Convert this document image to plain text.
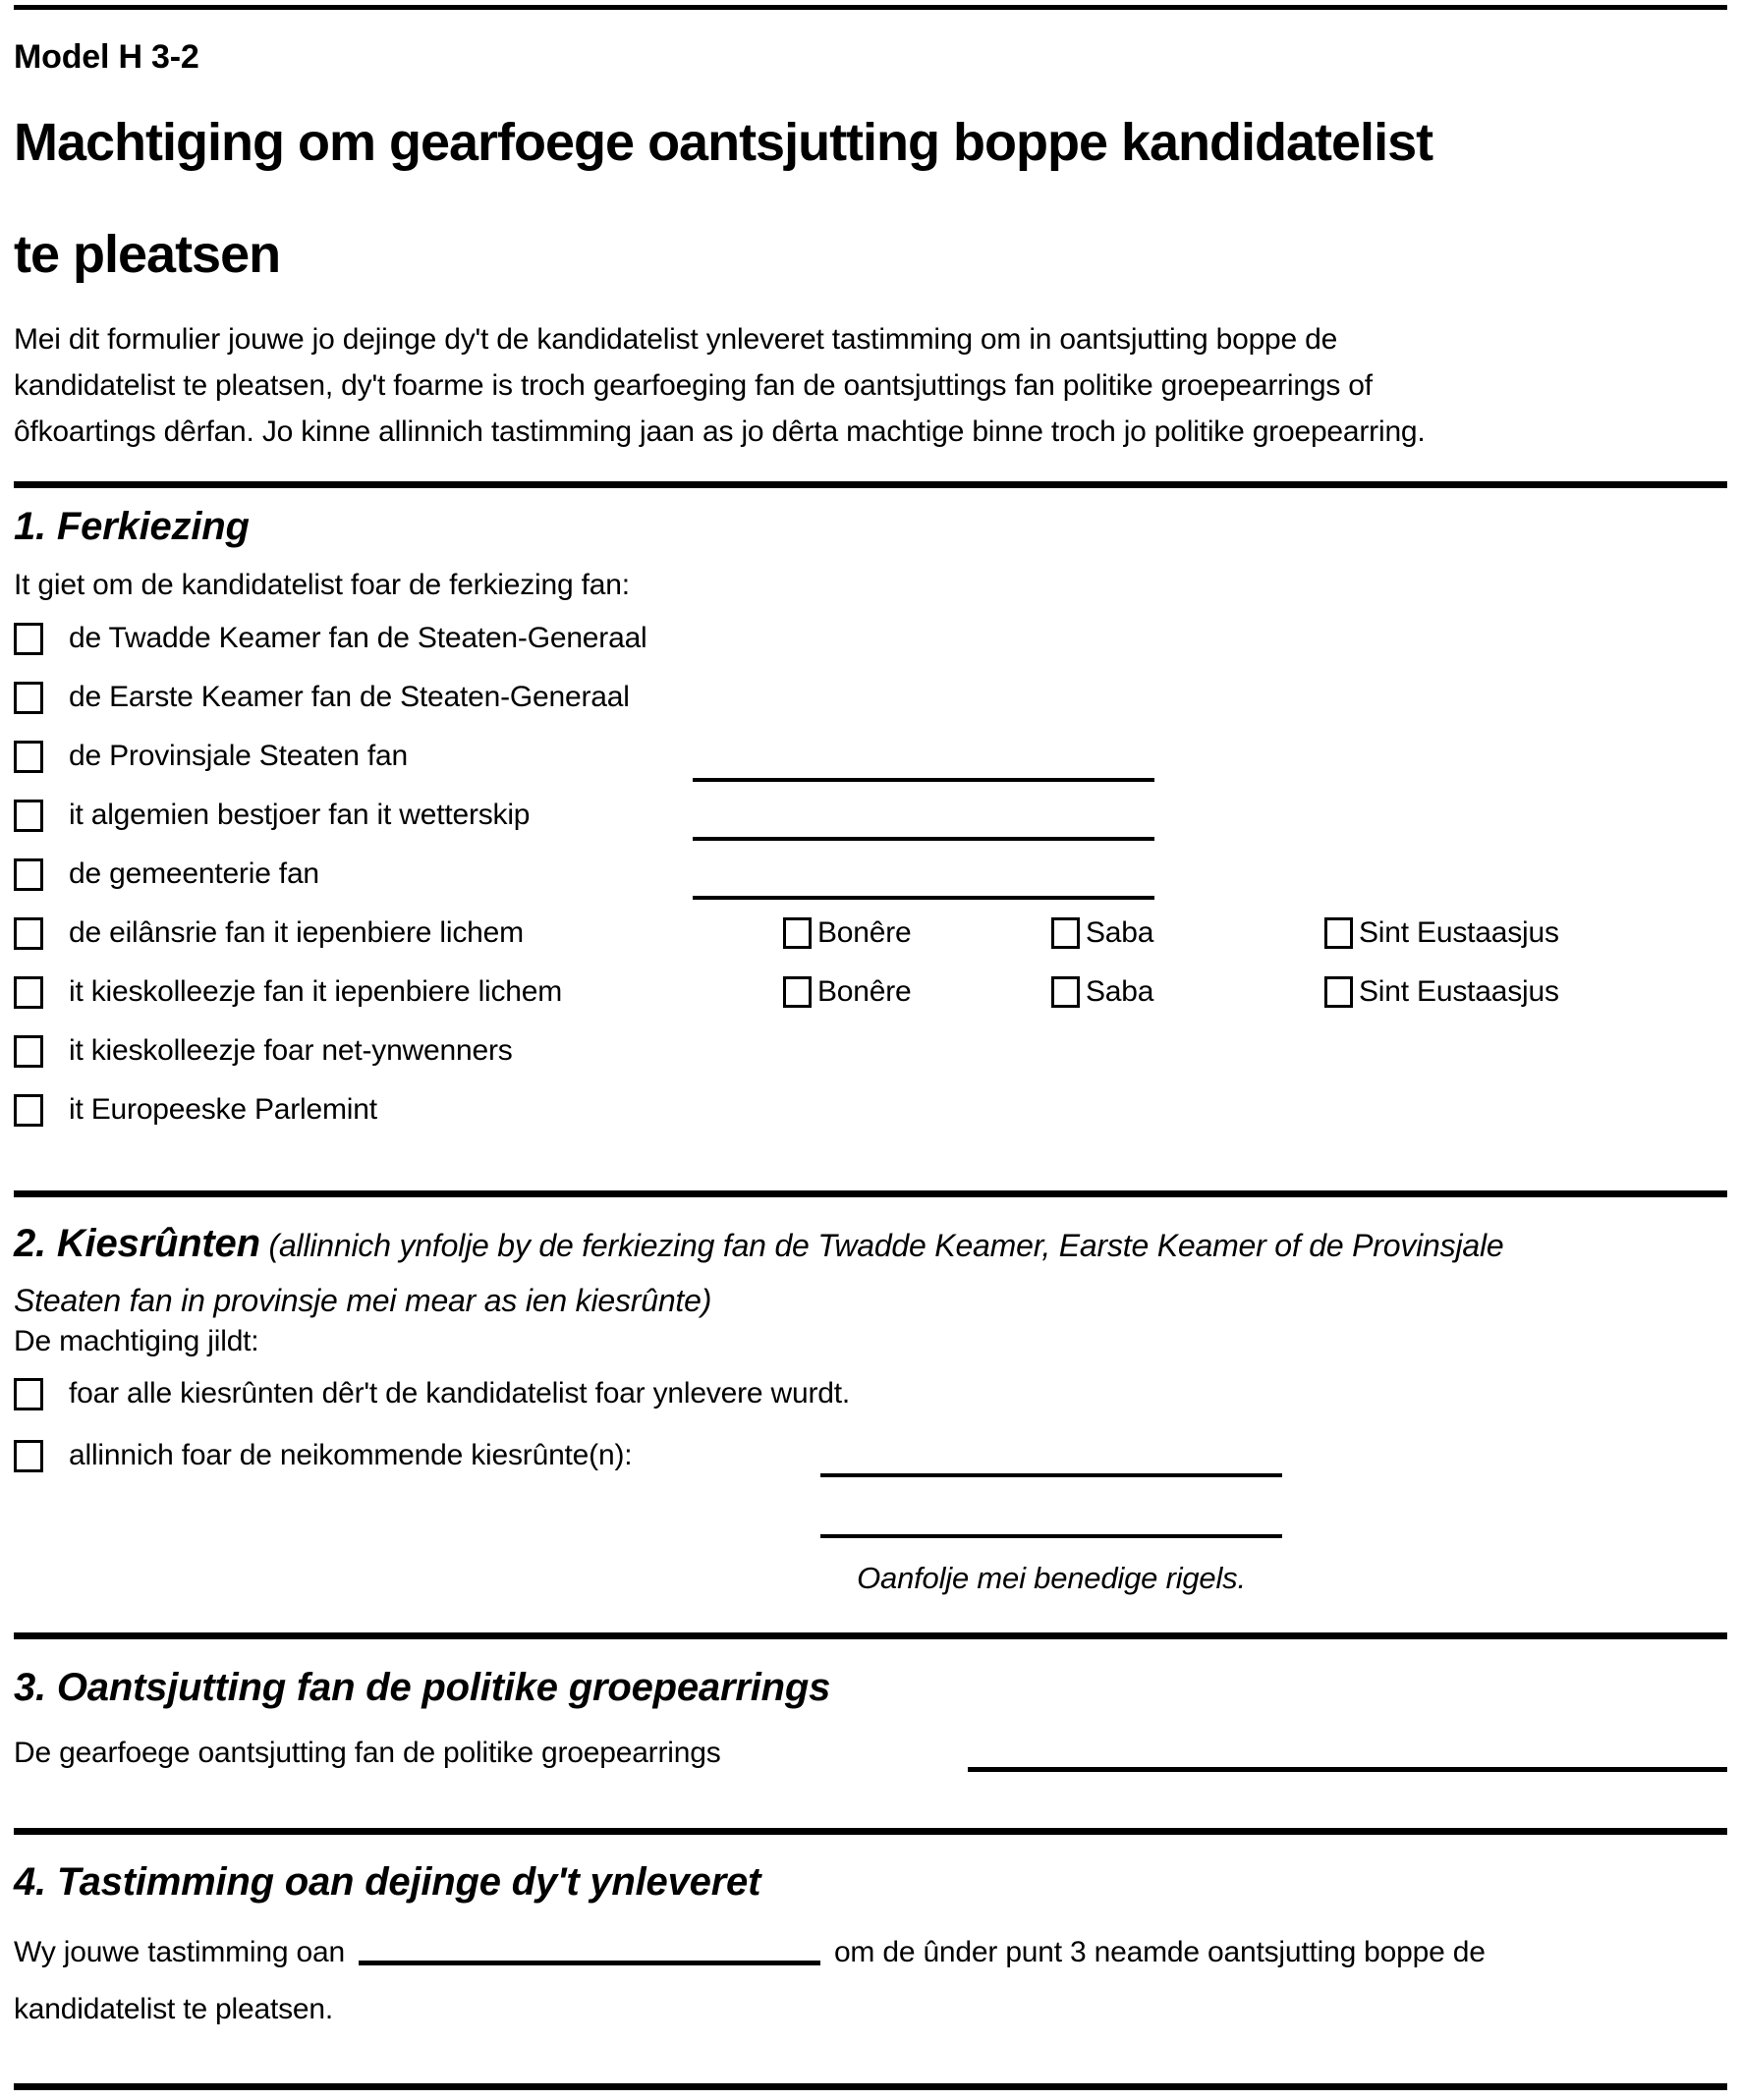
Model H 3-2
Machtiging om gearfoege oantsjutting boppe kandidatelist
te pleatsen
Mei dit formulier jouwe jo dejinge dy't de kandidatelist ynleveret tastimming om in oantsjutting boppe de
kandidatelist te pleatsen, dy't foarme is troch gearfoeging fan de oantsjuttings fan politike groepearrings of
ôfkoartings dêrfan. Jo kinne allinnich tastimming jaan as jo dêrta machtige binne troch jo politike groepearring.
1. Ferkiezing
It giet om de kandidatelist foar de ferkiezing fan:
de Twadde Keamer fan de Steaten-Generaal
de Earste Keamer fan de Steaten-Generaal
de Provinsjale Steaten fan
it algemien bestjoer fan it wetterskip
de gemeenterie fan
de eilânsrie fan it iepenbiere lichem	Bonêre	Saba	Sint Eustaasjus
it kieskolleezje fan it iepenbiere lichem	Bonêre	Saba	Sint Eustaasjus
it kieskolleezje foar net-ynwenners
it Europeeske Parlemint
2. Kiesrûnten (allinnich ynfolje by de ferkiezing fan de Twadde Keamer, Earste Keamer of de Provinsjale
Steaten fan in provinsje mei mear as ien kiesrûnte)
De machtiging jildt:
foar alle kiesrûnten dêr't de kandidatelist foar ynlevere wurdt.
allinnich foar de neikommende kiesrûnte(n):
Oanfolje mei benedige rigels.
3. Oantsjutting fan de politike groepearrings
De gearfoege oantsjutting fan de politike groepearrings
4. Tastimming oan dejinge dy't ynleveret
Wy jouwe tastimming oan	om de ûnder punt 3 neamde oantsjutting boppe de
kandidatelist te pleatsen.
